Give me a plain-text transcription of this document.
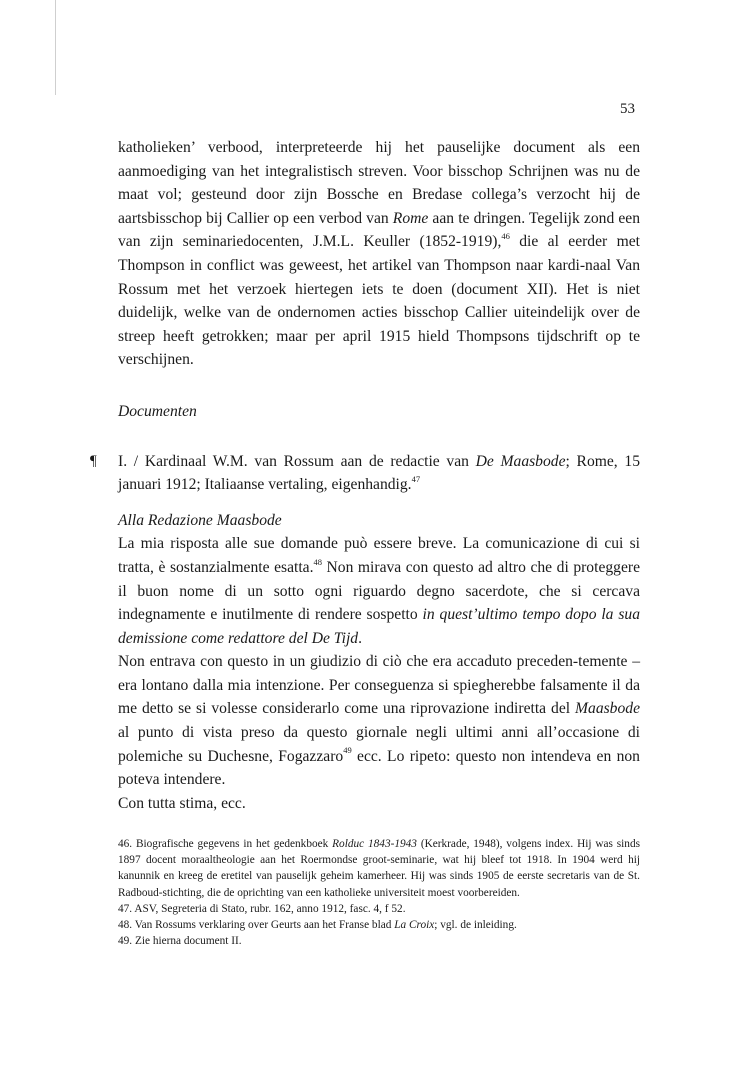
53

katholieken’ verbood, interpreteerde hij het pauselijke document als een aanmoediging van het integralistisch streven. Voor bisschop Schrijnen was nu de maat vol; gesteund door zijn Bossche en Bredase collega’s verzocht hij de aartsbisschop bij Callier op een verbod van Rome aan te dringen. Tegelijk zond een van zijn seminariedocenten, J.M.L. Keuller (1852-1919),$^{46}$ die al eerder met Thompson in conflict was geweest, het artikel van Thompson naar kardi-naal Van Rossum met het verzoek hiertegen iets te doen (document XII). Het is niet duidelijk, welke van de ondernomen acties bisschop Callier uiteindelijk over de streep heeft getrokken; maar per april 1915 hield Thompsons tijdschrift op te verschijnen.

Documenten

¶ I. / Kardinaal W.M. van Rossum aan de redactie van De Maasbode; Rome, 15 januari 1912; Italiaanse vertaling, eigenhandig.$^{47}$

Alla Redazione Maasbode

La mia risposta alle sue domande può essere breve. La comunicazione di cui si tratta, è sostanzialmente esatta.$^{48}$ Non mirava con questo ad altro che di proteggere il buon nome di un sotto ogni riguardo degno sacerdote, che si cercava indegnamente e inutilmente di rendere sospetto in quest’ultimo tempo dopo la sua demissione come redattore del De Tijd.

Non entrava con questo in un giudizio di ciò che era accaduto preceden-temente – era lontano dalla mia intenzione. Per conseguenza si spiegherebbe falsamente il da me detto se si volesse considerarlo come una riprovazione indiretta del Maasbode al punto di vista preso da questo giornale negli ultimi anni all’occasione di polemiche su Duchesne, Fogazzaro$^{49}$ ecc. Lo ripeto: questo non intendeva en non poteva intendere.

Con tutta stima, ecc.

46. Biografische gegevens in het gedenkboek Rolduc 1843-1943 (Kerkrade, 1948), volgens index. Hij was sinds 1897 docent moraaltheologie aan het Roermondse groot-seminarie, wat hij bleef tot 1918. In 1904 werd hij kanunnik en kreeg de eretitel van pauselijk geheim kamerheer. Hij was sinds 1905 de eerste secretaris van de St. Radboud-stichting, die de oprichting van een katholieke universiteit moest voorbereiden.

47. ASV, Segreteria di Stato, rubr. 162, anno 1912, fasc. 4, f 52.

48. Van Rossums verklaring over Geurts aan het Franse blad La Croix; vgl. de inleiding.

49. Zie hierna document II.
